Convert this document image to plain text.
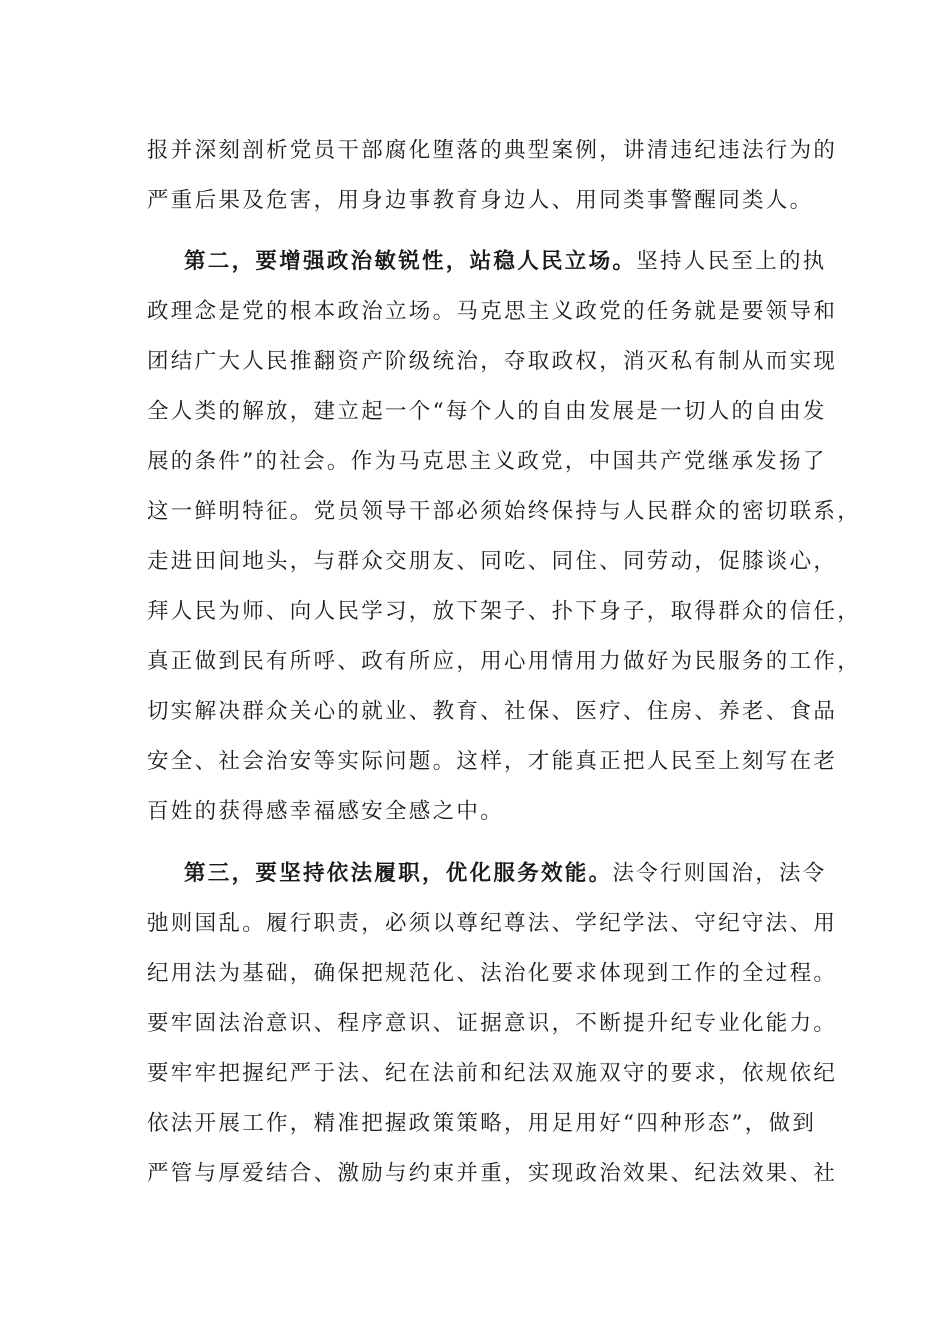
报并深刻剖析党员干部腐化堕落的典型案例，讲清违纪违法行为的
严重后果及危害，用身边事教育身边人、用同类事警醒同类人。
第二，要增强政治敏锐性，站稳人民立场。坚持人民至上的执
政理念是党的根本政治立场。马克思主义政党的任务就是要领导和
团结广大人民推翻资产阶级统治，夺取政权，消灭私有制从而实现
全人类的解放，建立起一个“每个人的自由发展是一切人的自由发
展的条件”的社会。作为马克思主义政党，中国共产党继承发扬了
这一鲜明特征。党员领导干部必须始终保持与人民群众的密切联系，
走进田间地头，与群众交朋友、同吃、同住、同劳动，促膝谈心，
拜人民为师、向人民学习，放下架子、扑下身子，取得群众的信任，
真正做到民有所呼、政有所应，用心用情用力做好为民服务的工作，
切实解决群众关心的就业、教育、社保、医疗、住房、养老、食品
安全、社会治安等实际问题。这样，才能真正把人民至上刻写在老
百姓的获得感幸福感安全感之中。
第三，要坚持依法履职，优化服务效能。法令行则国治，法令
弛则国乱。履行职责，必须以尊纪尊法、学纪学法、守纪守法、用
纪用法为基础，确保把规范化、法治化要求体现到工作的全过程。
要牢固法治意识、程序意识、证据意识，不断提升纪专业化能力。
要牢牢把握纪严于法、纪在法前和纪法双施双守的要求，依规依纪
依法开展工作，精准把握政策策略，用足用好“四种形态”，做到
严管与厚爱结合、激励与约束并重，实现政治效果、纪法效果、社
